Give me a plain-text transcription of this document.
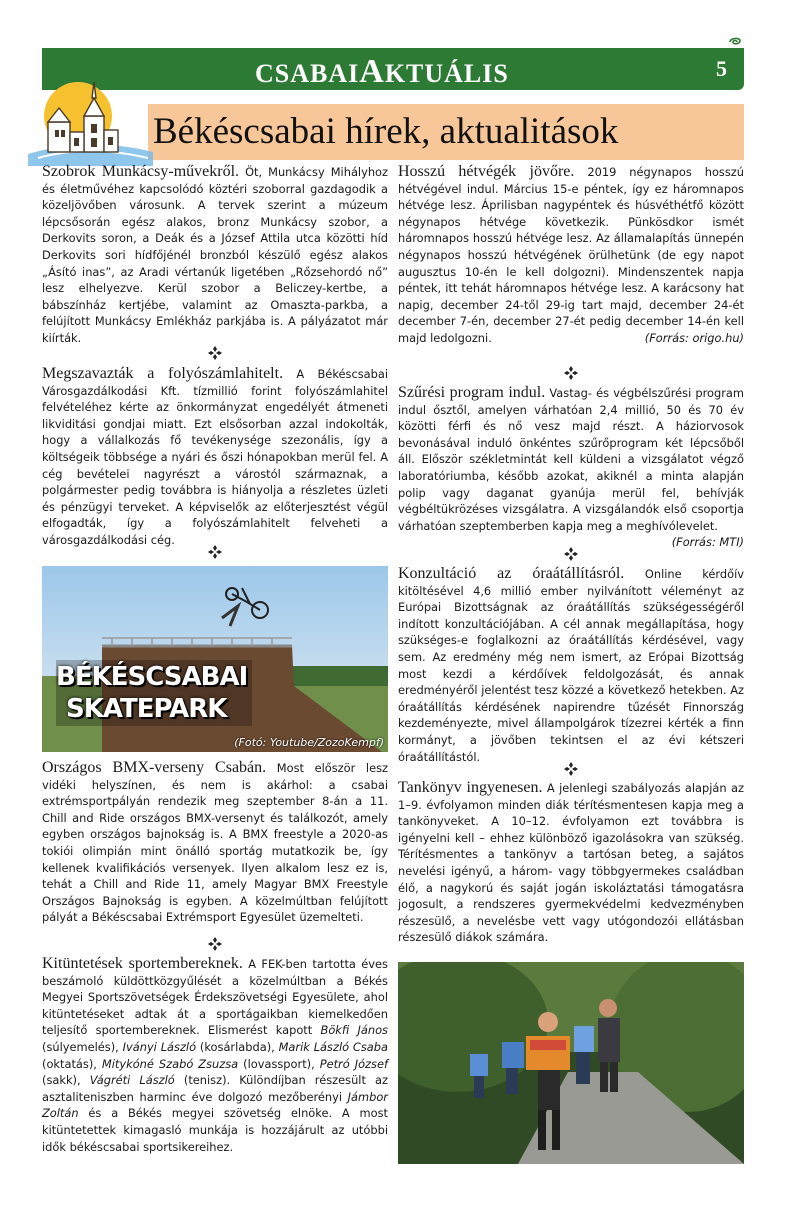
CSABAIAKTUÁLIS	5
Békéscsabai hírek, aktualitások

Szobrok Munkácsy-művekről. Öt, Munkácsy Mihályhoz és életművéhez kapcsolódó köztéri szoborral gazdagodik a közeljövőben városunk. A tervek szerint a múzeum lépcsősorán egész alakos, bronz Munkácsy szobor, a Derkovits soron, a Deák és a József Attila utca közötti híd Derkovits sori hídfőjénél bronzból készülő egész alakos „Ásító inas”, az Aradi vértanúk ligetében „Rőzsehordó nő” lesz elhelyezve. Kerül szobor a Beliczey-kertbe, a bábszínház kertjébe, valamint az Omaszta-parkba, a felújított Munkácsy Emlékház parkjába is. A pályázatot már kiírták.

Megszavazták a folyószámlahitelt. A Békéscsabai Városgazdálkodási Kft. tízmillió forint folyószámlahitel felvételéhez kérte az önkormányzat engedélyét átmeneti likviditási gondjai miatt. Ezt elsősorban azzal indokolták, hogy a vállalkozás fő tevékenysége szezonális, így a költségeik többsége a nyári és őszi hónapokban merül fel. A cég bevételei nagyrészt a várostól származnak, a polgármester pedig továbbra is hiányolja a részletes üzleti és pénzügyi terveket. A képviselők az előterjesztést végül elfogadták, így a folyószámlahitelt felveheti a városgazdálkodási cég.

BÉKÉSCSABAI
SKATEPARK
(Fotó: Youtube/ZozoKempf)

Országos BMX-verseny Csabán. Most először lesz vidéki helyszínen, és nem is akárhol: a csabai extrémsportpályán rendezik meg szeptember 8-án a 11. Chill and Ride országos BMX-versenyt és találkozót, amely egyben országos bajnokság is. A BMX freestyle a 2020-as tokiói olimpián mint önálló sportág mutatkozik be, így kellenek kvalifikációs versenyek. Ilyen alkalom lesz ez is, tehát a Chill and Ride 11, amely Magyar BMX Freestyle Országos Bajnokság is egyben. A közelmúltban felújított pályát a Békéscsabai Extrémsport Egyesület üzemelteti.

Kitüntetések sportembereknek. A FEK-ben tartotta éves beszámoló küldöttközgyűlését a közelmúltban a Békés Megyei Sportszövetségek Érdekszövetségi Egyesülete, ahol kitüntetéseket adtak át a sportágaikban kiemelkedően teljesítő sportembereknek. Elismerést kapott Bökfi János (súlyemelés), Iványi László (kosárlabda), Marik László Csaba (oktatás), Mitykóné Szabó Zsuzsa (lovassport), Petró József (sakk), Vágréti László (tenisz). Különdíjban részesült az asztaliteniszben harminc éve dolgozó mezőberényi Jámbor Zoltán és a Békés megyei szövetség elnöke. A most kitüntetettek kimagasló munkája is hozzájárult az utóbbi idők békéscsabai sportsikereihez.

Hosszú hétvégék jövőre. 2019 négynapos hosszú hétvégével indul. Március 15-e péntek, így ez háromnapos hétvége lesz. Áprilisban nagypéntek és húsvéthétfő között négynapos hétvége következik. Pünkösdkor ismét háromnapos hosszú hétvége lesz. Az államalapítás ünnepén négynapos hosszú hétvégének örülhetünk (de egy napot augusztus 10-én le kell dolgozni). Mindenszentek napja péntek, itt tehát háromnapos hétvége lesz. A karácsony hat napig, december 24-től 29-ig tart majd, december 24-ét december 7-én, december 27-ét pedig december 14-én kell majd ledolgozni.	(Forrás: origo.hu)

Szűrési program indul. Vastag- és végbélszűrési program indul ősztől, amelyen várhatóan 2,4 millió, 50 és 70 év közötti férfi és nő vesz majd részt. A háziorvosok bevonásával induló önkéntes szűrőprogram két lépcsőből áll. Először székletmintát kell küldeni a vizsgálatot végző laboratóriumba, később azokat, akiknél a minta alapján polip vagy daganat gyanúja merül fel, behívják végbéltükrözéses vizsgálatra. A vizsgálandók első csoportja várhatóan szeptemberben kapja meg a meghívólevelet.
(Forrás: MTI)

Konzultáció az óraátállításról. Online kérdőív kitöltésével 4,6 millió ember nyilvánított véleményt az Európai Bizottságnak az óraátállítás szükségességéről indított konzultációjában. A cél annak megállapítása, hogy szükséges-e foglalkozni az óraátállítás kérdésével, vagy sem. Az eredmény még nem ismert, az Erópai Bizottság most kezdi a kérdőívek feldolgozását, és annak eredményéről jelentést tesz közzé a következő hetekben. Az óraátállítás kérdésének napirendre tűzését Finnország kezdeményezte, mivel állampolgárok tízezrei kérték a finn kormányt, a jövőben tekintsen el az évi kétszeri óraátállítástól.

Tankönyv ingyenesen. A jelenlegi szabályozás alapján az 1–9. évfolyamon minden diák térítésmentesen kapja meg a tankönyveket. A 10–12. évfolyamon ezt továbbra is igényelni kell – ehhez különböző igazolásokra van szükség. Térítésmentes a tankönyv a tartósan beteg, a sajátos nevelési igényű, a három- vagy többgyermekes családban élő, a nagykorú és saját jogán iskoláztatási támogatásra jogosult, a rendszeres gyermekvédelmi kedvezményben részesülő, a nevelésbe vett vagy utógondozói ellátásban részesülő diákok számára.
